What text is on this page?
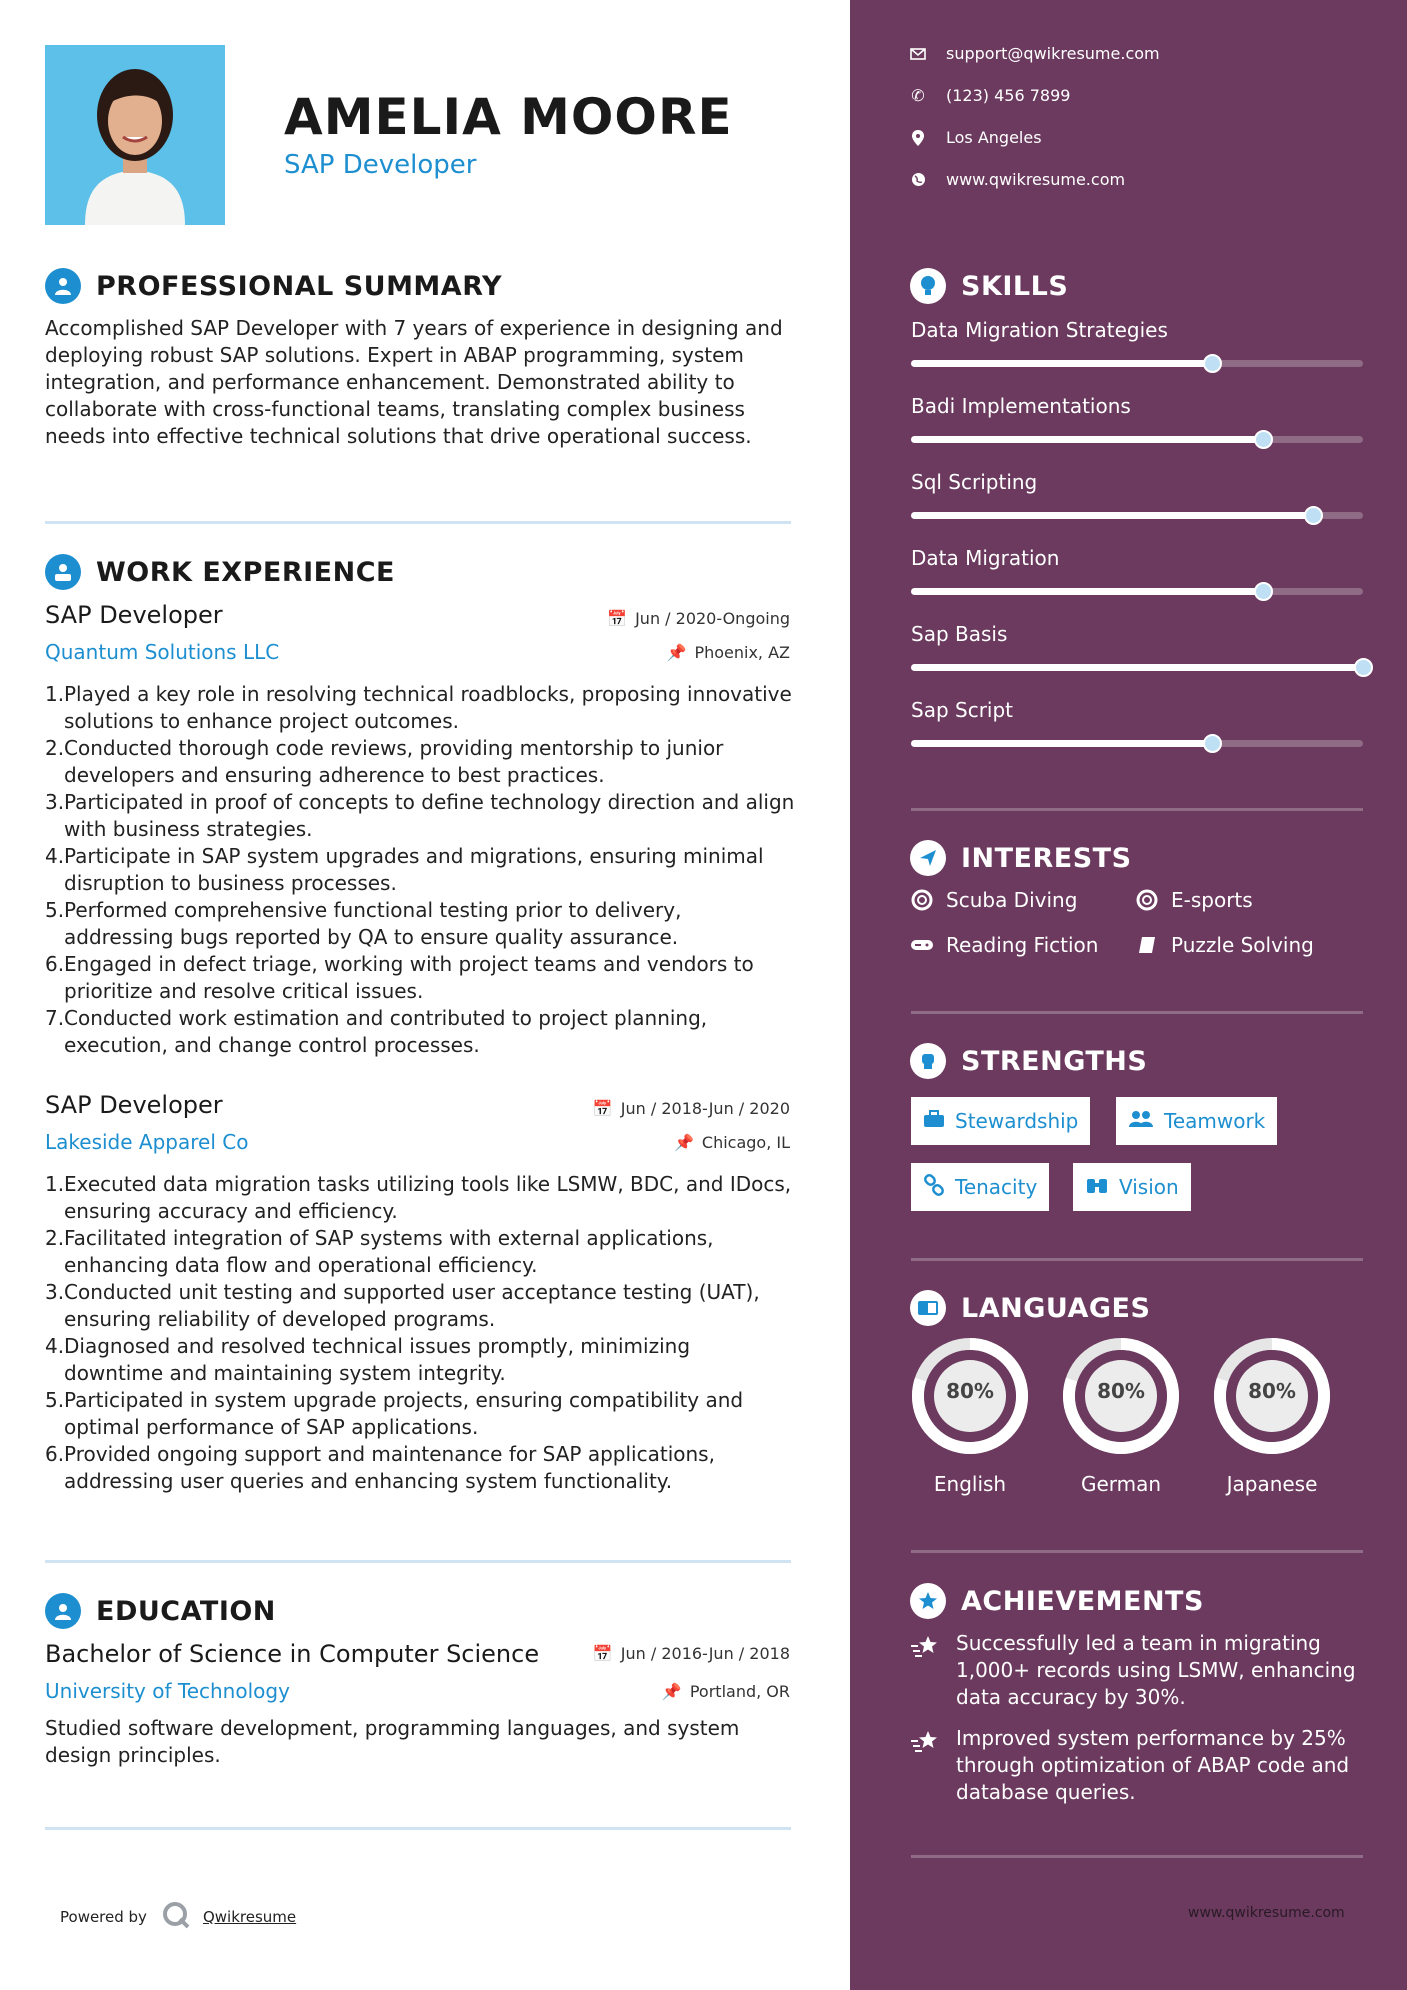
AMELIA MOORE
SAP Developer
PROFESSIONAL SUMMARY
Accomplished SAP Developer with 7 years of experience in designing and deploying robust SAP solutions. Expert in ABAP programming, system integration, and performance enhancement. Demonstrated ability to collaborate with cross-functional teams, translating complex business needs into effective technical solutions that drive operational success.
WORK EXPERIENCE
SAP Developer	📅 Jun / 2020-Ongoing
Quantum Solutions LLC	📌 Phoenix, AZ
1. Played a key role in resolving technical roadblocks, proposing innovative solutions to enhance project outcomes.
2. Conducted thorough code reviews, providing mentorship to junior developers and ensuring adherence to best practices.
3. Participated in proof of concepts to define technology direction and align with business strategies.
4. Participate in SAP system upgrades and migrations, ensuring minimal disruption to business processes.
5. Performed comprehensive functional testing prior to delivery, addressing bugs reported by QA to ensure quality assurance.
6. Engaged in defect triage, working with project teams and vendors to prioritize and resolve critical issues.
7. Conducted work estimation and contributed to project planning, execution, and change control processes.
SAP Developer	📅 Jun / 2018-Jun / 2020
Lakeside Apparel Co	📌 Chicago, IL
1. Executed data migration tasks utilizing tools like LSMW, BDC, and IDocs, ensuring accuracy and efficiency.
2. Facilitated integration of SAP systems with external applications, enhancing data flow and operational efficiency.
3. Conducted unit testing and supported user acceptance testing (UAT), ensuring reliability of developed programs.
4. Diagnosed and resolved technical issues promptly, minimizing downtime and maintaining system integrity.
5. Participated in system upgrade projects, ensuring compatibility and optimal performance of SAP applications.
6. Provided ongoing support and maintenance for SAP applications, addressing user queries and enhancing system functionality.
EDUCATION
Bachelor of Science in Computer Science	📅 Jun / 2016-Jun / 2018
University of Technology	📌 Portland, OR
Studied software development, programming languages, and system design principles.
Powered by	Qwikresume
support@qwikresume.com
✆ (123) 456 7899
Los Angeles
www.qwikresume.com
SKILLS
Data Migration Strategies
Badi Implementations
Sql Scripting
Data Migration
Sap Basis
Sap Script
INTERESTS
Scuba Diving	E-sports
Reading Fiction	Puzzle Solving
STRENGTHS
Stewardship	Teamwork
Tenacity	Vision
LANGUAGES
80%
English
80%
German
80%
Japanese
ACHIEVEMENTS
Successfully led a team in migrating 1,000+ records using LSMW, enhancing data accuracy by 30%.
Improved system performance by 25% through optimization of ABAP code and database queries.
www.qwikresume.com
